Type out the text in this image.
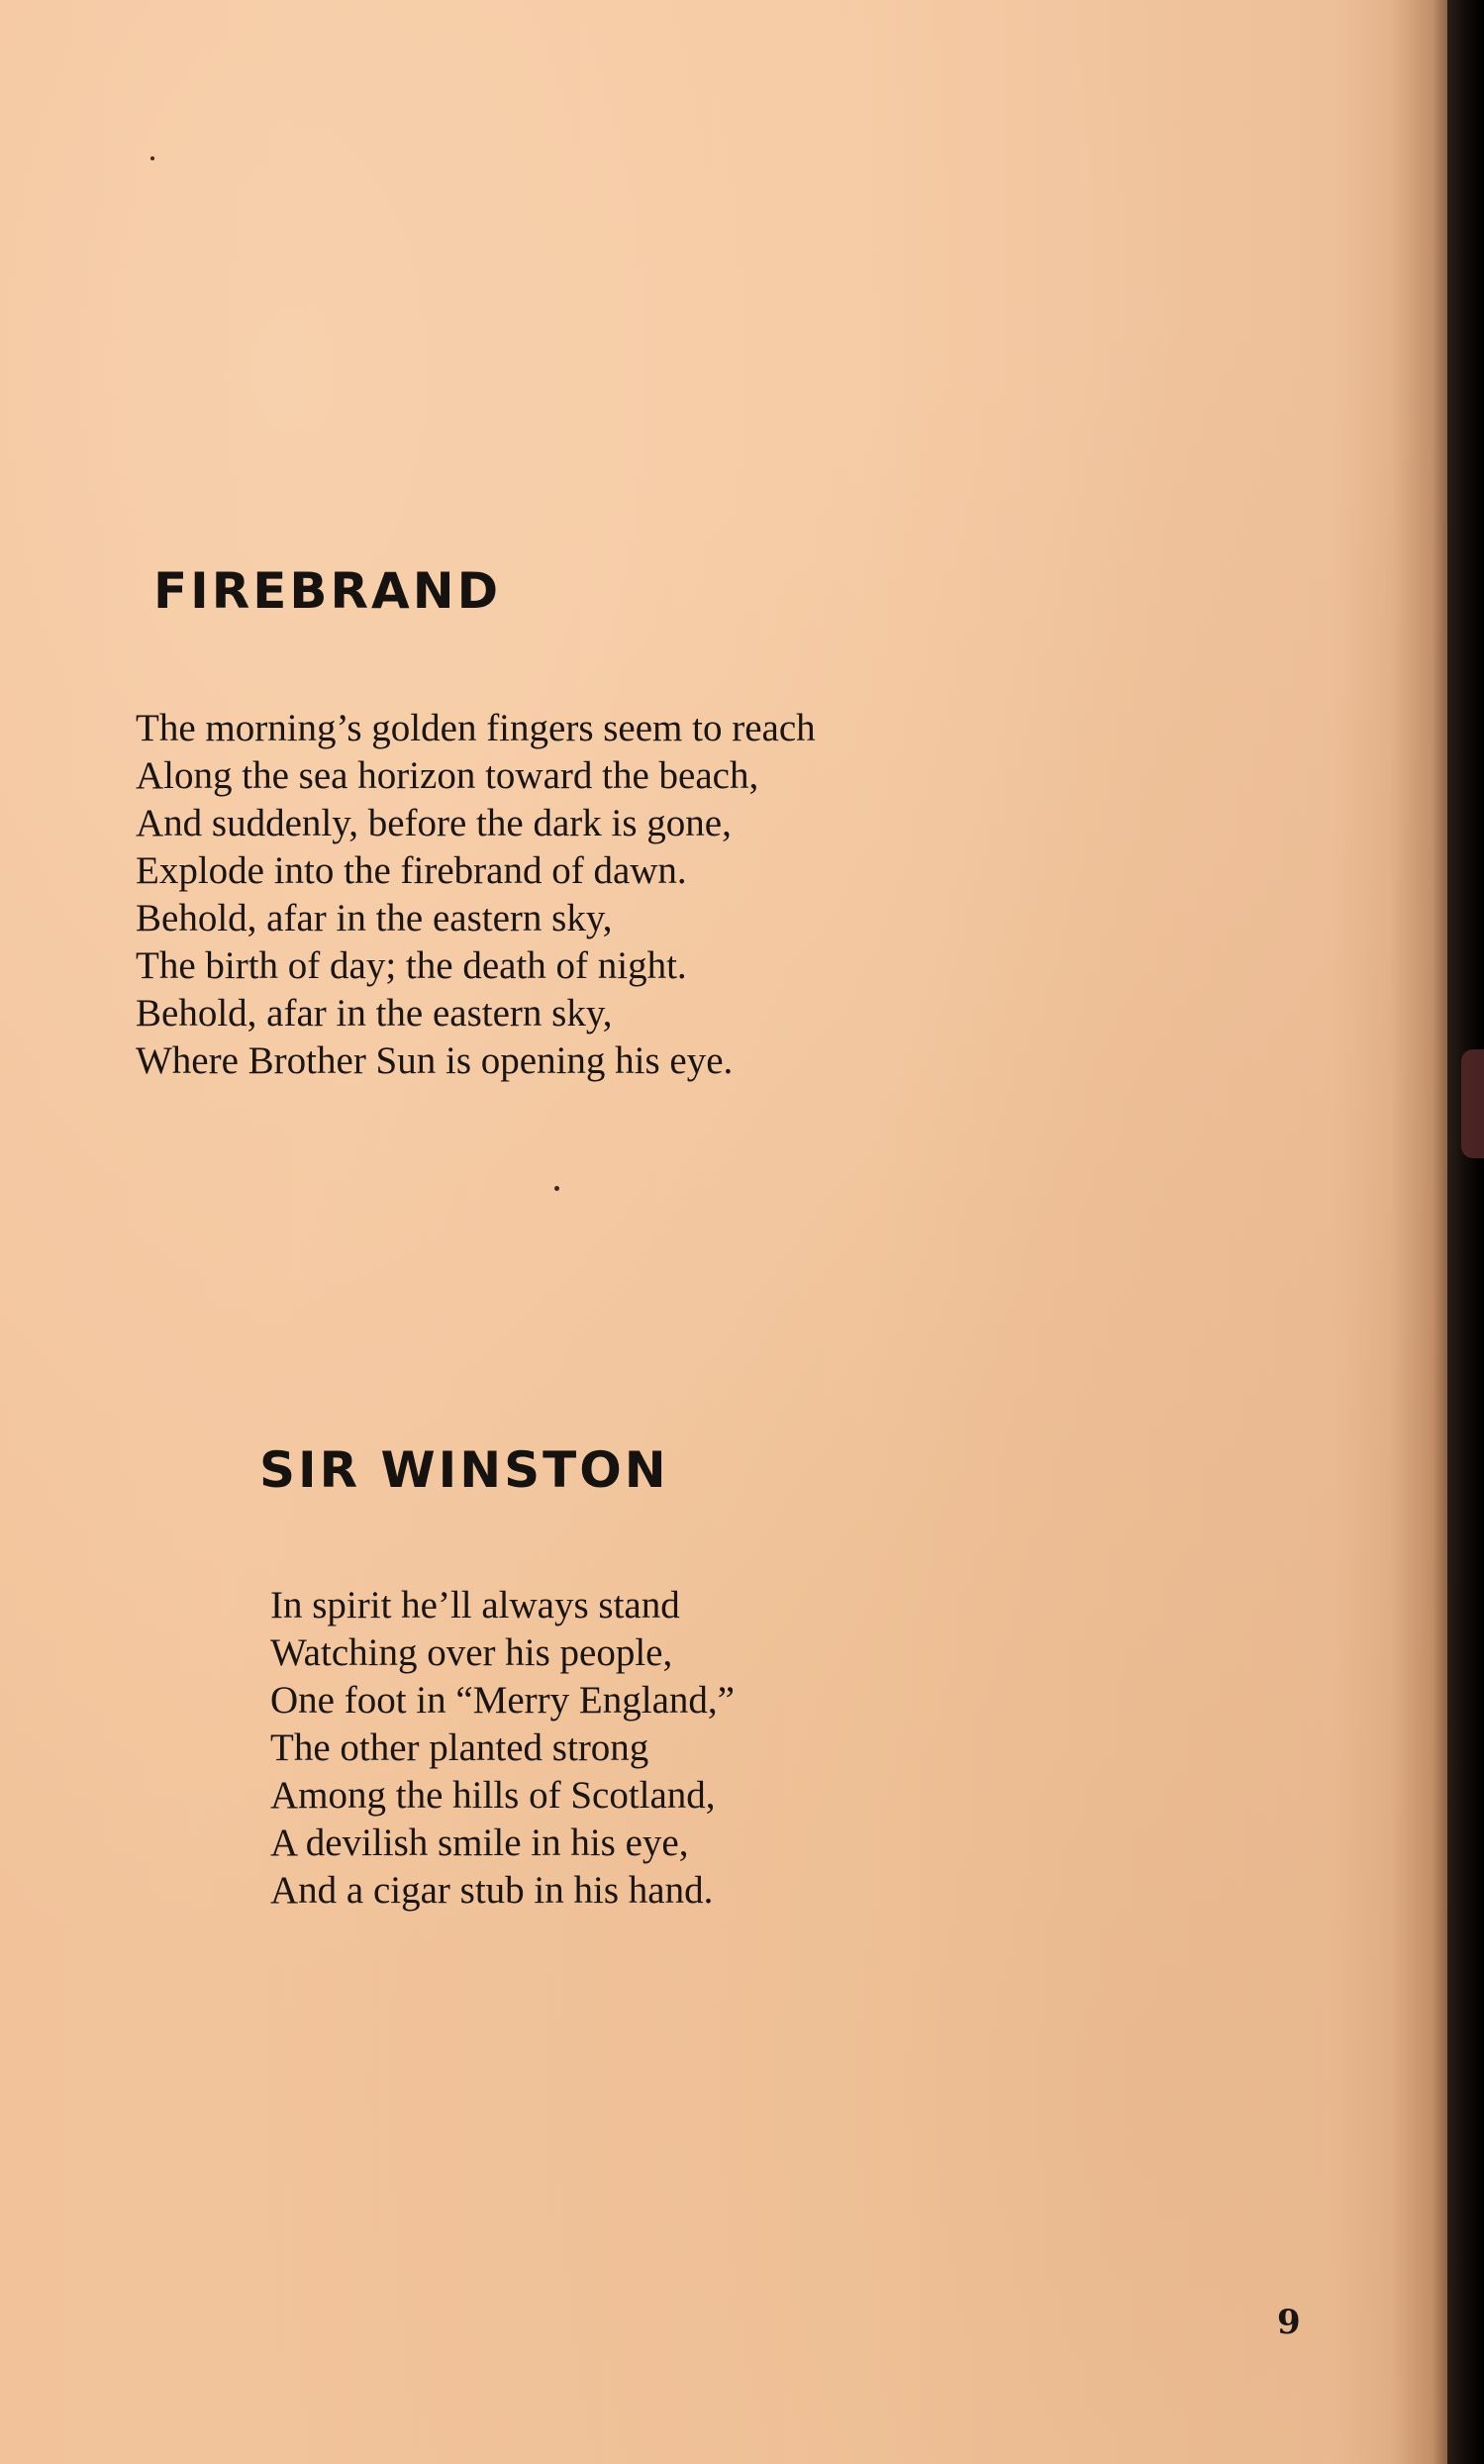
FIREBRAND
The morning’s golden fingers seem to reach
Along the sea horizon toward the beach,
And suddenly, before the dark is gone,
Explode into the firebrand of dawn.
Behold, afar in the eastern sky,
The birth of day; the death of night.
Behold, afar in the eastern sky,
Where Brother Sun is opening his eye.
SIR WINSTON
In spirit he’ll always stand
Watching over his people,
One foot in “Merry England,”
The other planted strong
Among the hills of Scotland,
A devilish smile in his eye,
And a cigar stub in his hand.
9
